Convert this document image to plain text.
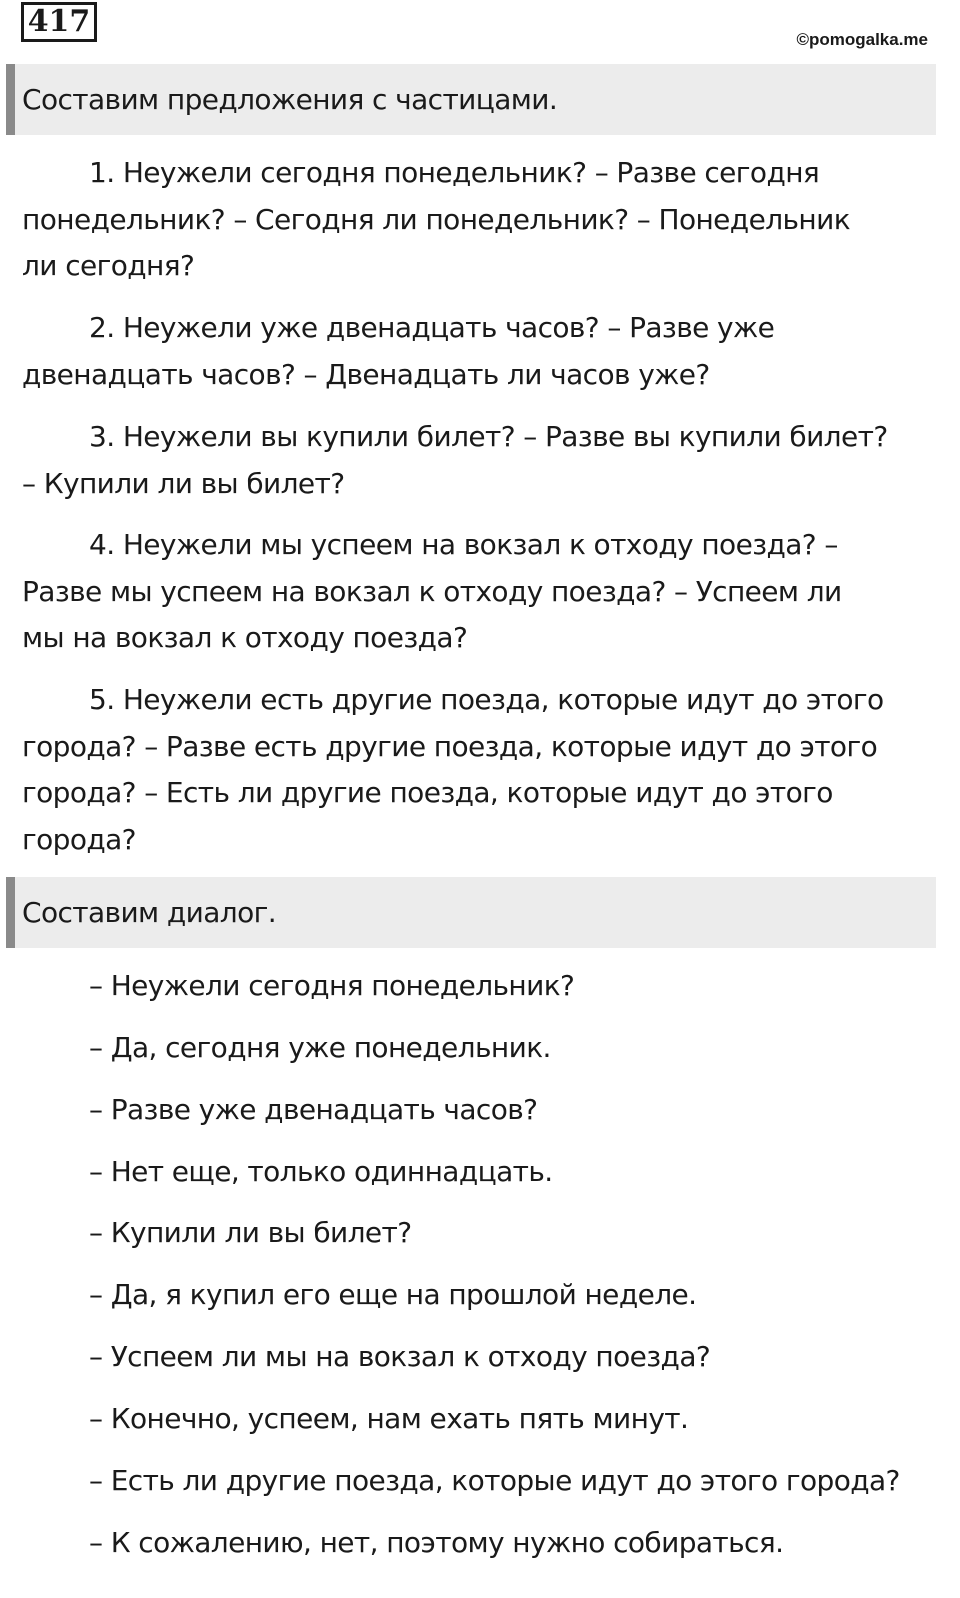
417
©pomogalka.me
Составим предложения с частицами.
1. Неужели сегодня понедельник? – Разве сегодня
понедельник? – Сегодня ли понедельник? – Понедельник
ли сегодня?
2. Неужели уже двенадцать часов? – Разве уже
двенадцать часов? – Двенадцать ли часов уже?
3. Неужели вы купили билет? – Разве вы купили билет?
– Купили ли вы билет?
4. Неужели мы успеем на вокзал к отходу поезда? –
Разве мы успеем на вокзал к отходу поезда? – Успеем ли
мы на вокзал к отходу поезда?
5. Неужели есть другие поезда, которые идут до этого
города? – Разве есть другие поезда, которые идут до этого
города? – Есть ли другие поезда, которые идут до этого
города?
Составим диалог.
– Неужели сегодня понедельник?
– Да, сегодня уже понедельник.
– Разве уже двенадцать часов?
– Нет еще, только одиннадцать.
– Купили ли вы билет?
– Да, я купил его еще на прошлой неделе.
– Успеем ли мы на вокзал к отходу поезда?
– Конечно, успеем, нам ехать пять минут.
– Есть ли другие поезда, которые идут до этого города?
– К сожалению, нет, поэтому нужно собираться.
